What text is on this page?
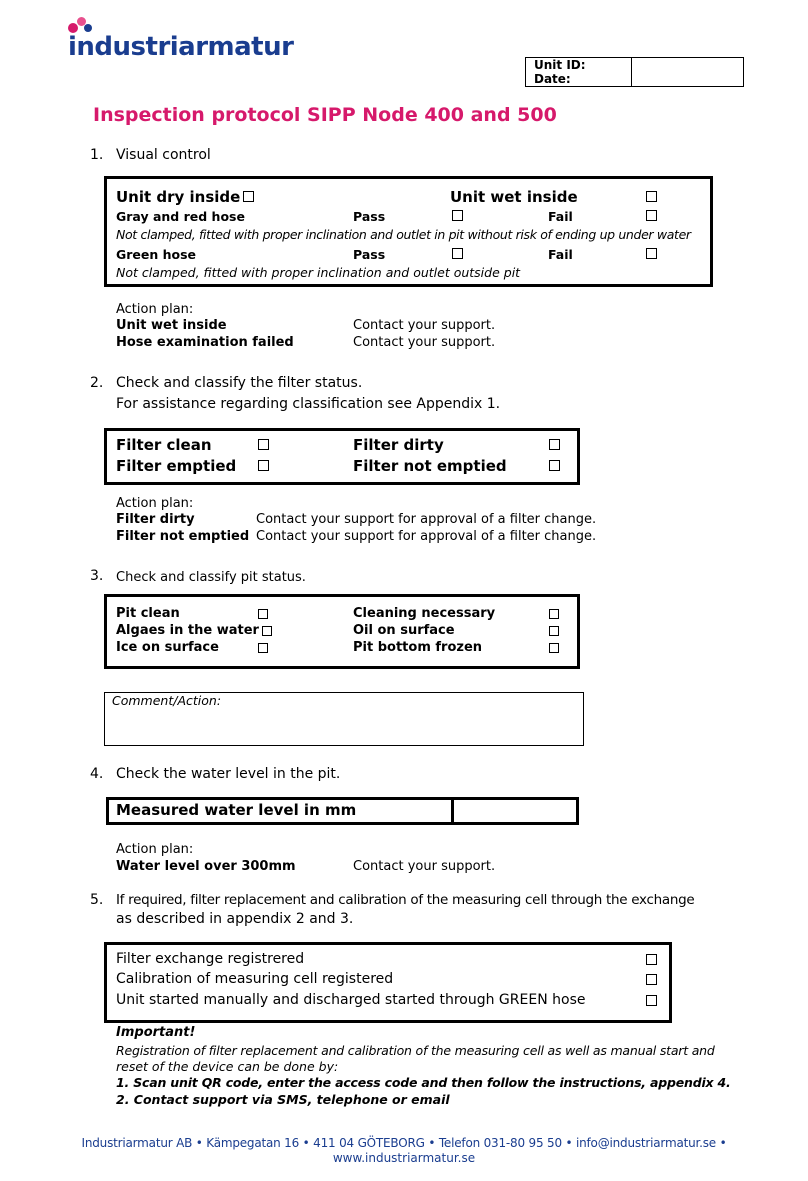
industriarmatur
Unit ID:
Date:
Inspection protocol SIPP Node 400 and 500
1. Visual control
Unit dry inside	Unit wet inside
Gray and red hose	Pass	Fail
Not clamped, fitted with proper inclination and outlet in pit without risk of ending up under water
Green hose	Pass	Fail
Not clamped, fitted with proper inclination and outlet outside pit
Action plan:
Unit wet inside	Contact your support.
Hose examination failed	Contact your support.
2. Check and classify the filter status.
For assistance regarding classification see Appendix 1.
Filter clean	Filter dirty
Filter emptied	Filter not emptied
Action plan:
Filter dirty	Contact your support for approval of a filter change.
Filter not emptied Contact your support for approval of a filter change.
3. Check and classify pit status.
Pit clean	Cleaning necessary
Algaes in the water	Oil on surface
Ice on surface	Pit bottom frozen
Comment/Action:
4. Check the water level in the pit.
Measured water level in mm
Action plan:
Water level over 300mm	Contact your support.
5. If required, filter replacement and calibration of the measuring cell through the exchange
as described in appendix 2 and 3.
Filter exchange registrered
Calibration of measuring cell registered
Unit started manually and discharged started through GREEN hose
Important!
Registration of filter replacement and calibration of the measuring cell as well as manual start and
reset of the device can be done by:
1. Scan unit QR code, enter the access code and then follow the instructions, appendix 4.
2. Contact support via SMS, telephone or email
Industriarmatur AB • Kämpegatan 16 • 411 04 GÖTEBORG • Telefon 031-80 95 50 • info@industriarmatur.se •
www.industriarmatur.se
